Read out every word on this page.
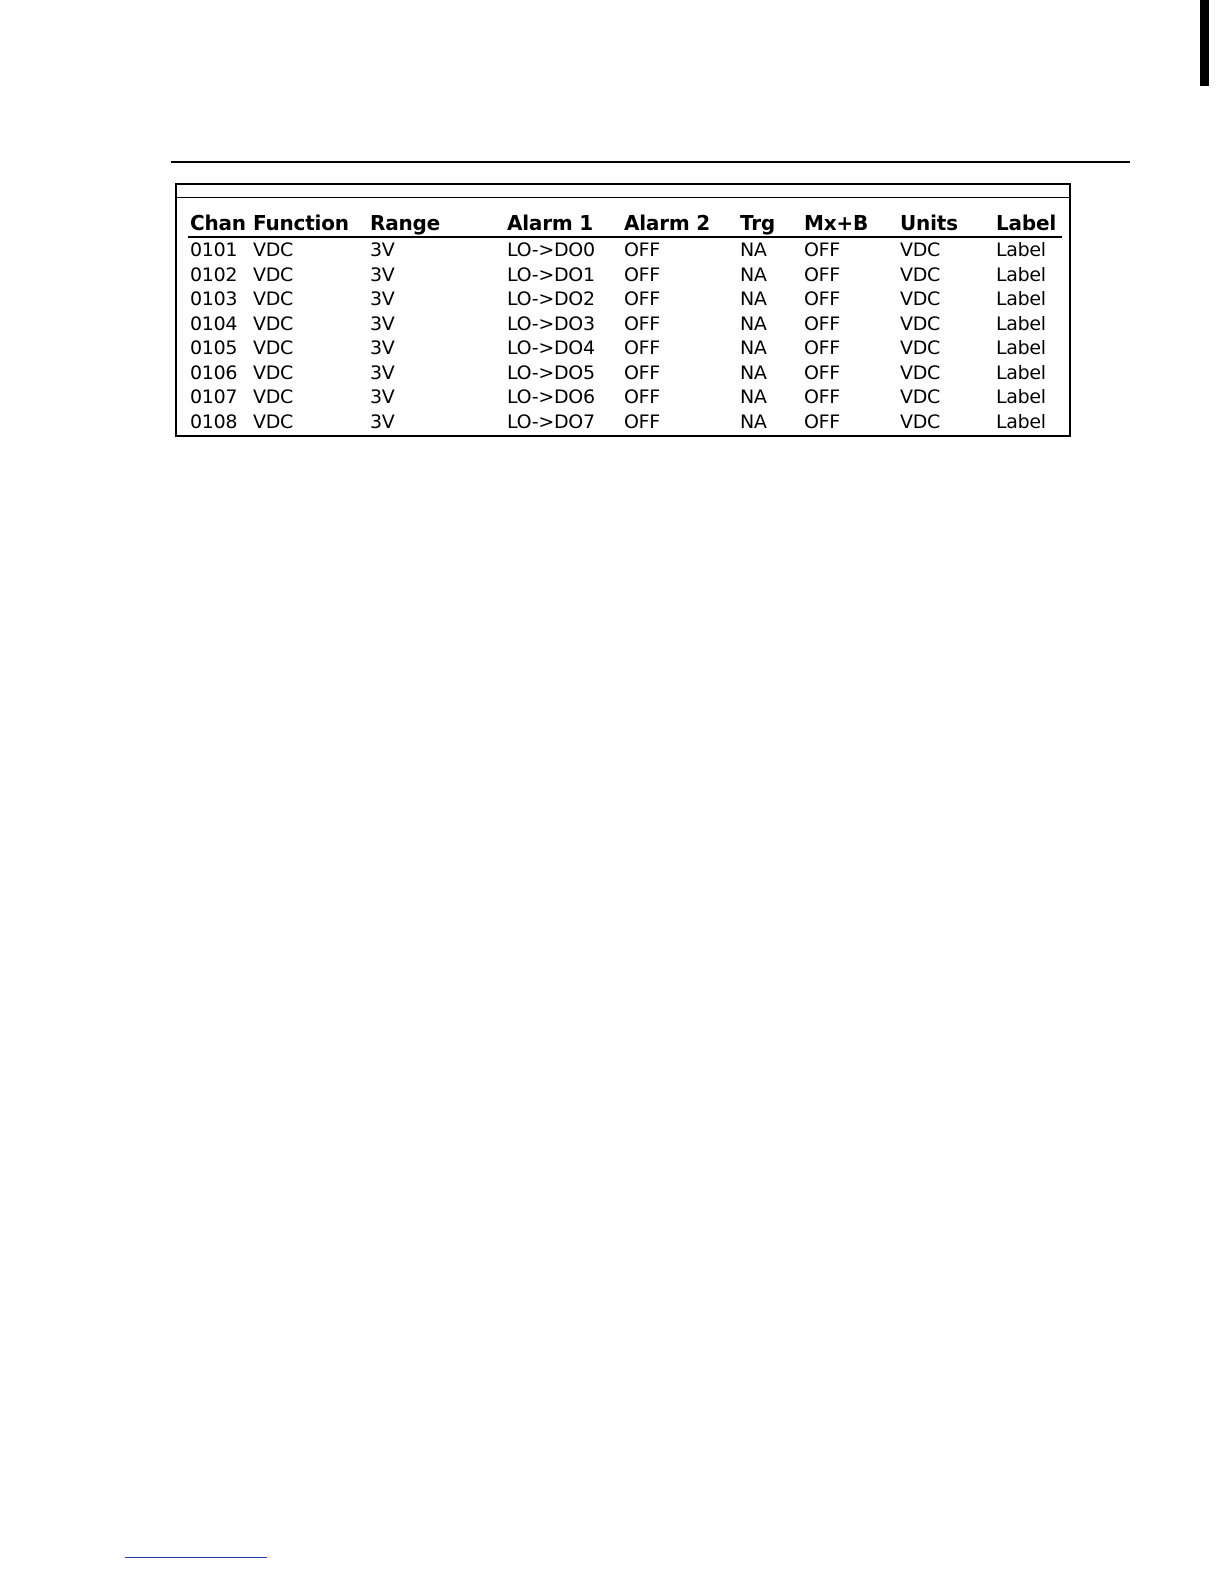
Chan	Function	Range	Alarm 1	Alarm 2	Trg	Mx+B	Units	Label
0101	VDC	3V	LO->DO0	OFF	NA	OFF	VDC	Label
0102	VDC	3V	LO->DO1	OFF	NA	OFF	VDC	Label
0103	VDC	3V	LO->DO2	OFF	NA	OFF	VDC	Label
0104	VDC	3V	LO->DO3	OFF	NA	OFF	VDC	Label
0105	VDC	3V	LO->DO4	OFF	NA	OFF	VDC	Label
0106	VDC	3V	LO->DO5	OFF	NA	OFF	VDC	Label
0107	VDC	3V	LO->DO6	OFF	NA	OFF	VDC	Label
0108	VDC	3V	LO->DO7	OFF	NA	OFF	VDC	Label
